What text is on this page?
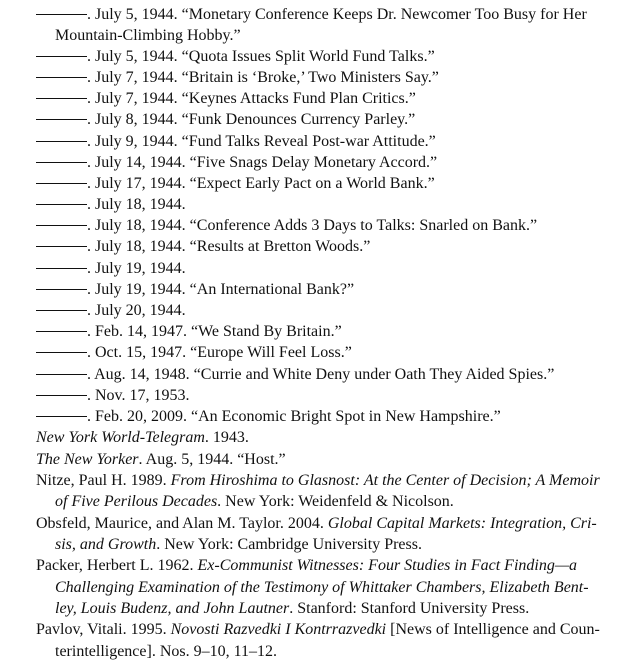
. July 5, 1944. “Monetary Conference Keeps Dr. Newcomer Too Busy for Her
Mountain-Climbing Hobby.”
. July 5, 1944. “Quota Issues Split World Fund Talks.”
. July 7, 1944. “Britain is ‘Broke,’ Two Ministers Say.”
. July 7, 1944. “Keynes Attacks Fund Plan Critics.”
. July 8, 1944. “Funk Denounces Currency Parley.”
. July 9, 1944. “Fund Talks Reveal Post-war Attitude.”
. July 14, 1944. “Five Snags Delay Monetary Accord.”
. July 17, 1944. “Expect Early Pact on a World Bank.”
. July 18, 1944.
. July 18, 1944. “Conference Adds 3 Days to Talks: Snarled on Bank.”
. July 18, 1944. “Results at Bretton Woods.”
. July 19, 1944.
. July 19, 1944. “An International Bank?”
. July 20, 1944.
. Feb. 14, 1947. “We Stand By Britain.”
. Oct. 15, 1947. “Europe Will Feel Loss.”
. Aug. 14, 1948. “Currie and White Deny under Oath They Aided Spies.”
. Nov. 17, 1953.
. Feb. 20, 2009. “An Economic Bright Spot in New Hampshire.”
New York World-Telegram. 1943.
The New Yorker. Aug. 5, 1944. “Host.”
Nitze, Paul H. 1989. From Hiroshima to Glasnost: At the Center of Decision; A Memoir
of Five Perilous Decades. New York: Weidenfeld & Nicolson.
Obsfeld, Maurice, and Alan M. Taylor. 2004. Global Capital Markets: Integration, Cri-
sis, and Growth. New York: Cambridge University Press.
Packer, Herbert L. 1962. Ex-Communist Witnesses: Four Studies in Fact Finding—a
Challenging Examination of the Testimony of Whittaker Chambers, Elizabeth Bent-
ley, Louis Budenz, and John Lautner. Stanford: Stanford University Press.
Pavlov, Vitali. 1995. Novosti Razvedki I Kontrrazvedki [News of Intelligence and Coun-
terintelligence]. Nos. 9–10, 11–12.
